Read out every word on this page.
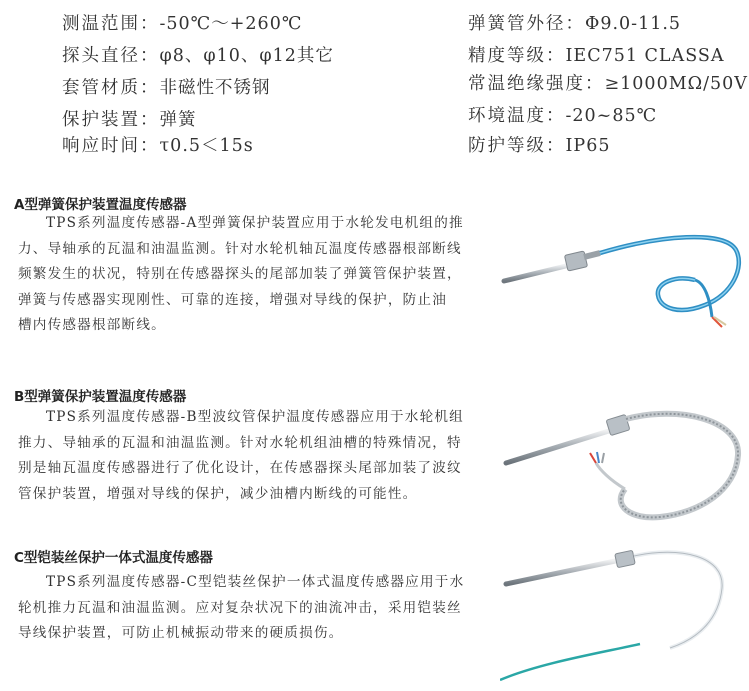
测温范围：-50℃～+260℃
探头直径：φ8、φ10、φ12其它
套管材质：非磁性不锈钢
保护装置：弹簧
响应时间：τ0.5＜15s
弹簧管外径：Φ9.0-11.5
精度等级：IEC751 CLASSA
常温绝缘强度：≥1000MΩ/50V
环境温度：-20~85℃
防护等级：IP65
A型弹簧保护装置温度传感器

TPS系列温度传感器-A型弹簧保护装置应用于水轮发电机组的推

力、导轴承的瓦温和油温监测。针对水轮机轴瓦温度传感器根部断线

频繁发生的状况，特别在传感器探头的尾部加装了弹簧管保护装置，

弹簧与传感器实现刚性、可靠的连接，增强对导线的保护，防止油

槽内传感器根部断线。

B型弹簧保护装置温度传感器

TPS系列温度传感器-B型波纹管保护温度传感器应用于水轮机组

推力、导轴承的瓦温和油温监测。针对水轮机组油槽的特殊情况，特

别是轴瓦温度传感器进行了优化设计，在传感器探头尾部加装了波纹

管保护装置，增强对导线的保护，减少油槽内断线的可能性。

C型铠装丝保护一体式温度传感器

TPS系列温度传感器-C型铠装丝保护一体式温度传感器应用于水

轮机推力瓦温和油温监测。应对复杂状况下的油流冲击，采用铠装丝

导线保护装置，可防止机械振动带来的硬质损伤。
